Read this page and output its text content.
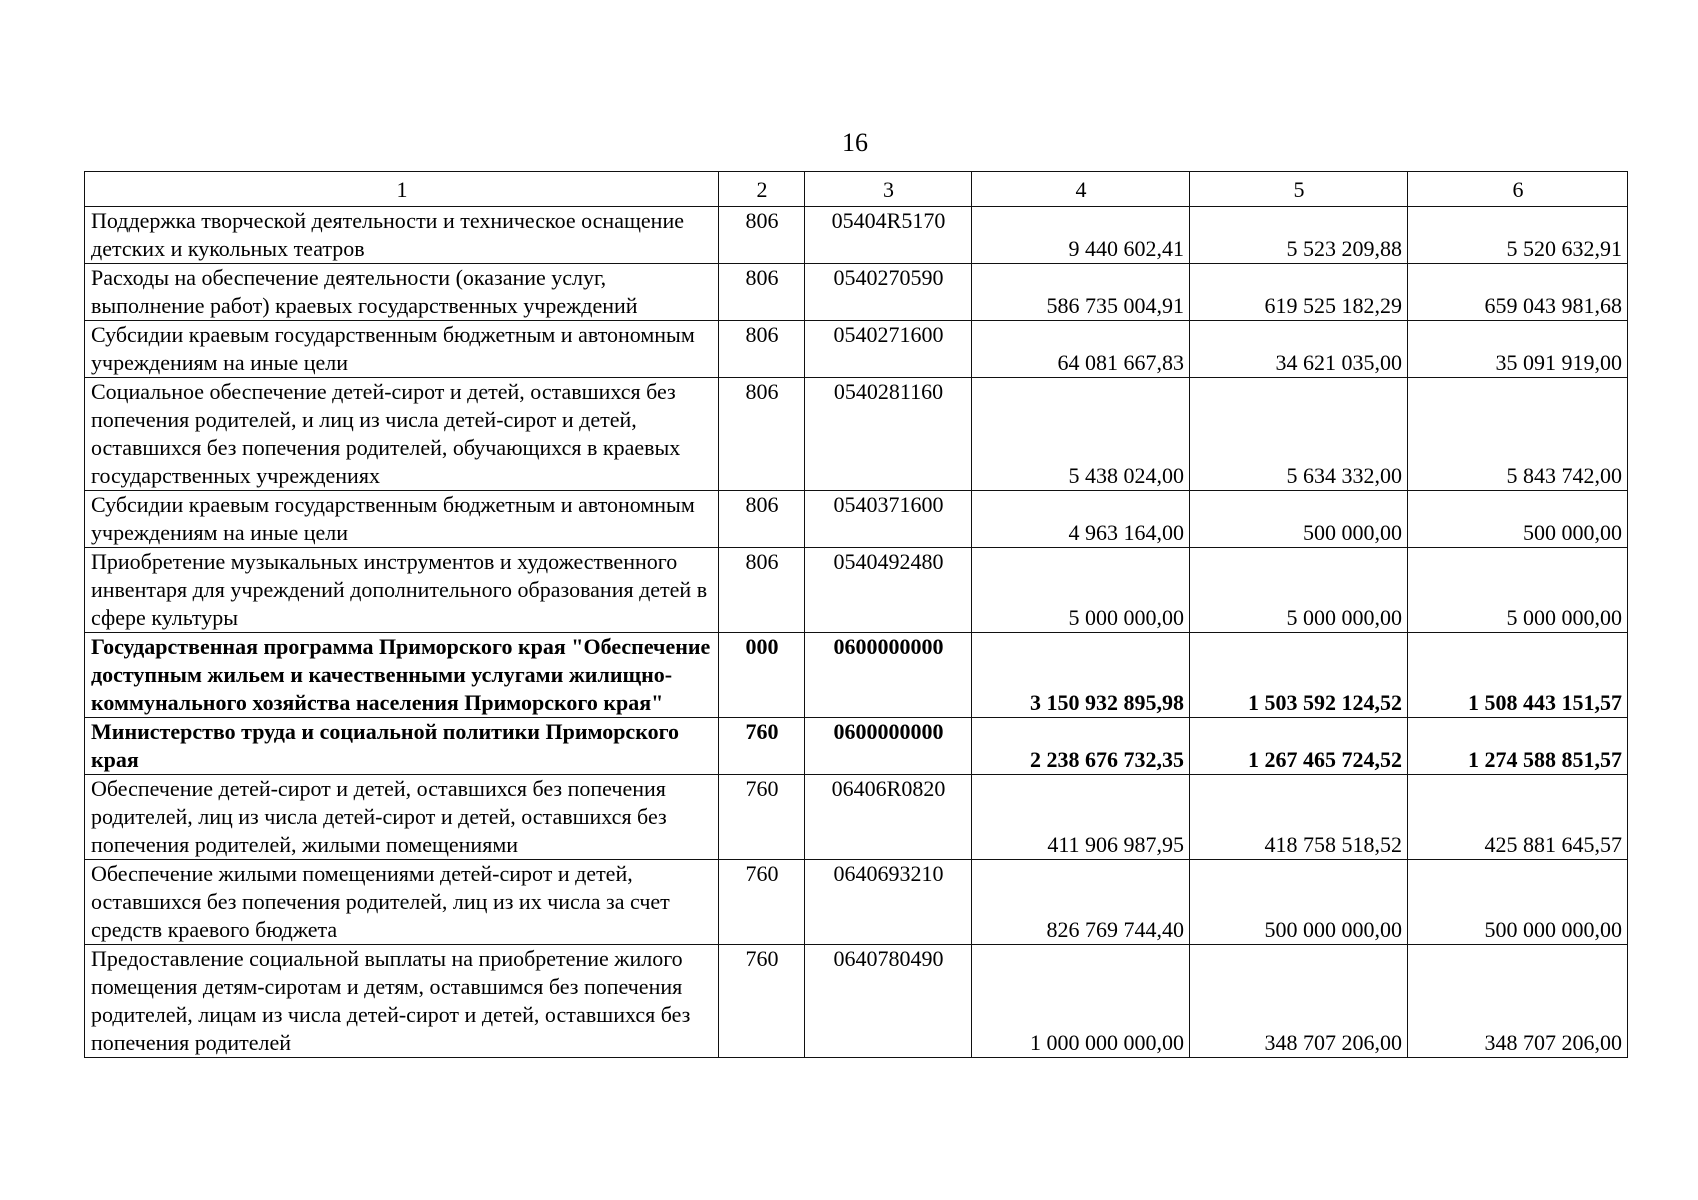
16
1	2	3	4	5	6
Поддержка творческой деятельности и техническое оснащение детских и кукольных театров	806	05404R5170	9 440 602,41	5 523 209,88	5 520 632,91
Расходы на обеспечение деятельности (оказание услуг, выполнение работ) краевых государственных учреждений	806	0540270590	586 735 004,91	619 525 182,29	659 043 981,68
Субсидии краевым государственным бюджетным и автономным учреждениям на иные цели	806	0540271600	64 081 667,83	34 621 035,00	35 091 919,00
Социальное обеспечение детей-сирот и детей, оставшихся без попечения родителей, и лиц из числа детей-сирот и детей, оставшихся без попечения родителей, обучающихся в краевых государственных учреждениях	806	0540281160	5 438 024,00	5 634 332,00	5 843 742,00
Субсидии краевым государственным бюджетным и автономным учреждениям на иные цели	806	0540371600	4 963 164,00	500 000,00	500 000,00
Приобретение музыкальных инструментов и художественного инвентаря для учреждений дополнительного образования детей в сфере культуры	806	0540492480	5 000 000,00	5 000 000,00	5 000 000,00
Государственная программа Приморского края "Обеспечение доступным жильем и качественными услугами жилищно-коммунального хозяйства населения Приморского края"	000	0600000000	3 150 932 895,98	1 503 592 124,52	1 508 443 151,57
Министерство труда и социальной политики Приморского края	760	0600000000	2 238 676 732,35	1 267 465 724,52	1 274 588 851,57
Обеспечение детей-сирот и детей, оставшихся без попечения родителей, лиц из числа детей-сирот и детей, оставшихся без попечения родителей, жилыми помещениями	760	06406R0820	411 906 987,95	418 758 518,52	425 881 645,57
Обеспечение жилыми помещениями детей-сирот и детей, оставшихся без попечения родителей, лиц из их числа за счет средств краевого бюджета	760	0640693210	826 769 744,40	500 000 000,00	500 000 000,00
Предоставление социальной выплаты на приобретение жилого помещения детям-сиротам и детям, оставшимся без попечения родителей, лицам из числа детей-сирот и детей, оставшихся без попечения родителей	760	0640780490	1 000 000 000,00	348 707 206,00	348 707 206,00
